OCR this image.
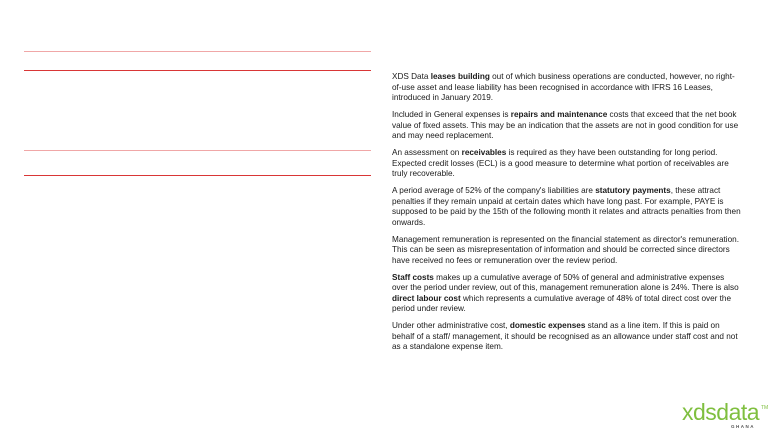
XDS Data leases building out of which business operations are conducted, however, no right-of-use asset and lease liability has been recognised in accordance with IFRS 16 Leases, introduced in January 2019.

Included in General expenses is repairs and maintenance costs that exceed that the net book value of fixed assets. This may be an indication that the assets are not in good condition for use and may need replacement.

An assessment on receivables is required as they have been outstanding for long period. Expected credit losses (ECL) is a good measure to determine what portion of receivables are truly recoverable.

A period average of 52% of the company's liabilities are statutory payments, these attract penalties if they remain unpaid at certain dates which have long past. For example, PAYE is supposed to be paid by the 15th of the following month it relates and attracts penalties from then onwards.

Management remuneration is represented on the financial statement as director's remuneration. This can be seen as misrepresentation of information and should be corrected since directors have received no fees or remuneration over the review period.

Staff costs makes up a cumulative average of 50% of general and administrative expenses over the period under review, out of this, management remuneration alone is 24%. There is also direct labour cost which represents a cumulative average of 48% of total direct cost over the period under review.

Under other administrative cost, domestic expenses stand as a line item. If this is paid on behalf of a staff/ management, it should be recognised as an allowance under staff cost and not as a standalone expense item.

xdsdata TM
GHANA
